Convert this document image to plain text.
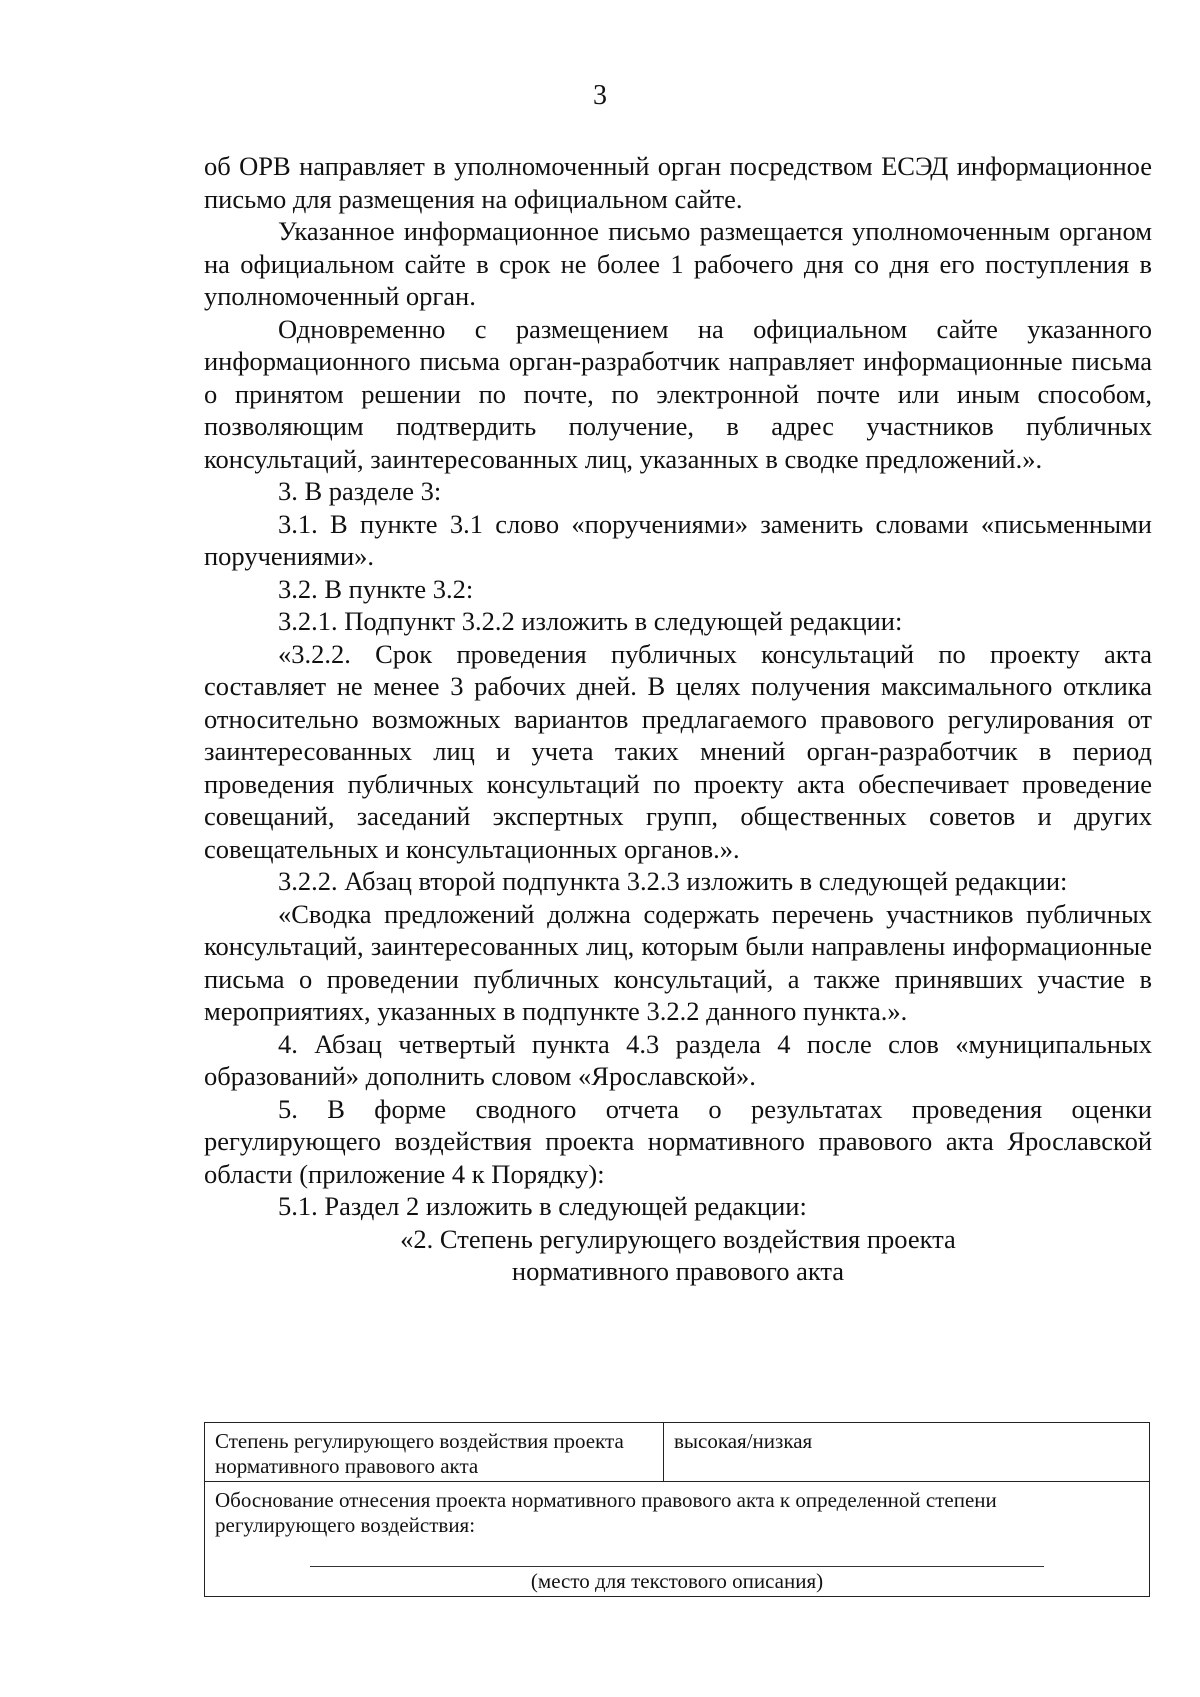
3

об ОРВ направляет в уполномоченный орган посредством ЕСЭД информационное письмо для размещения на официальном сайте.

Указанное информационное письмо размещается уполномоченным органом на официальном сайте в срок не более 1 рабочего дня со дня его поступления в уполномоченный орган.

Одновременно с размещением на официальном сайте указанного информационного письма орган-разработчик направляет информационные письма о принятом решении по почте, по электронной почте или иным способом, позволяющим подтвердить получение, в адрес участников публичных консультаций, заинтересованных лиц, указанных в сводке предложений.».

3. В разделе 3:

3.1. В пункте 3.1 слово «поручениями» заменить словами «письменными поручениями».

3.2. В пункте 3.2:

3.2.1. Подпункт 3.2.2 изложить в следующей редакции:

«3.2.2. Срок проведения публичных консультаций по проекту акта составляет не менее 3 рабочих дней. В целях получения максимального отклика относительно возможных вариантов предлагаемого правового регулирования от заинтересованных лиц и учета таких мнений орган-разработчик в период проведения публичных консультаций по проекту акта обеспечивает проведение совещаний, заседаний экспертных групп, общественных советов и других совещательных и консультационных органов.».

3.2.2. Абзац второй подпункта 3.2.3 изложить в следующей редакции:

«Сводка предложений должна содержать перечень участников публичных консультаций, заинтересованных лиц, которым были направлены информационные письма о проведении публичных консультаций, а также принявших участие в мероприятиях, указанных в подпункте 3.2.2 данного пункта.».

4. Абзац четвертый пункта 4.3 раздела 4 после слов «муниципальных образований» дополнить словом «Ярославской».

5. В форме сводного отчета о результатах проведения оценки регулирующего воздействия проекта нормативного правового акта Ярославской области (приложение 4 к Порядку):

5.1. Раздел 2 изложить в следующей редакции:

«2. Степень регулирующего воздействия проекта

нормативного правового акта

Степень регулирующего воздействия проекта нормативного правового акта	высокая/низкая

Обоснование отнесения проекта нормативного правового акта к определенной степени регулирующего воздействия:
(место для текстового описания)
